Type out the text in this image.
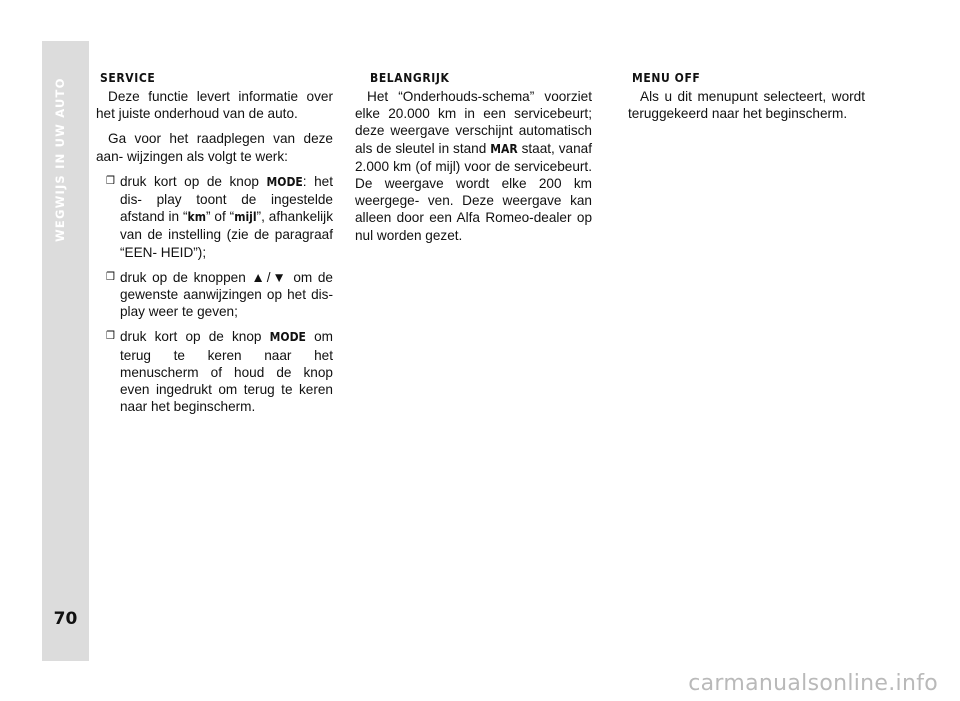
WEGWIJS IN UW AUTO
70
SERVICE

Deze functie levert informatie over het juiste onderhoud van de auto.

Ga voor het raadplegen van deze aan- wijzingen als volgt te werk:

❒ druk kort op de knop MODE: het dis- play toont de ingestelde afstand in “km” of “mijl”, afhankelijk van de instelling (zie de paragraaf “EEN- HEID”);
❒ druk op de knoppen ▲/▼ om de gewenste aanwijzingen op het dis- play weer te geven;
❒ druk kort op de knop MODE om terug te keren naar het menuscherm of houd de knop even ingedrukt om terug te keren naar het beginscherm.
BELANGRIJK

Het “Onderhouds-schema” voorziet elke 20.000 km in een servicebeurt; deze weergave verschijnt automatisch als de sleutel in stand MAR staat, vanaf 2.000 km (of mijl) voor de servicebeurt. De weergave wordt elke 200 km weergege- ven. Deze weergave kan alleen door een Alfa Romeo-dealer op nul worden gezet.

MENU OFF

Als u dit menupunt selecteert, wordt teruggekeerd naar het beginscherm.

carmanualsonline.info
